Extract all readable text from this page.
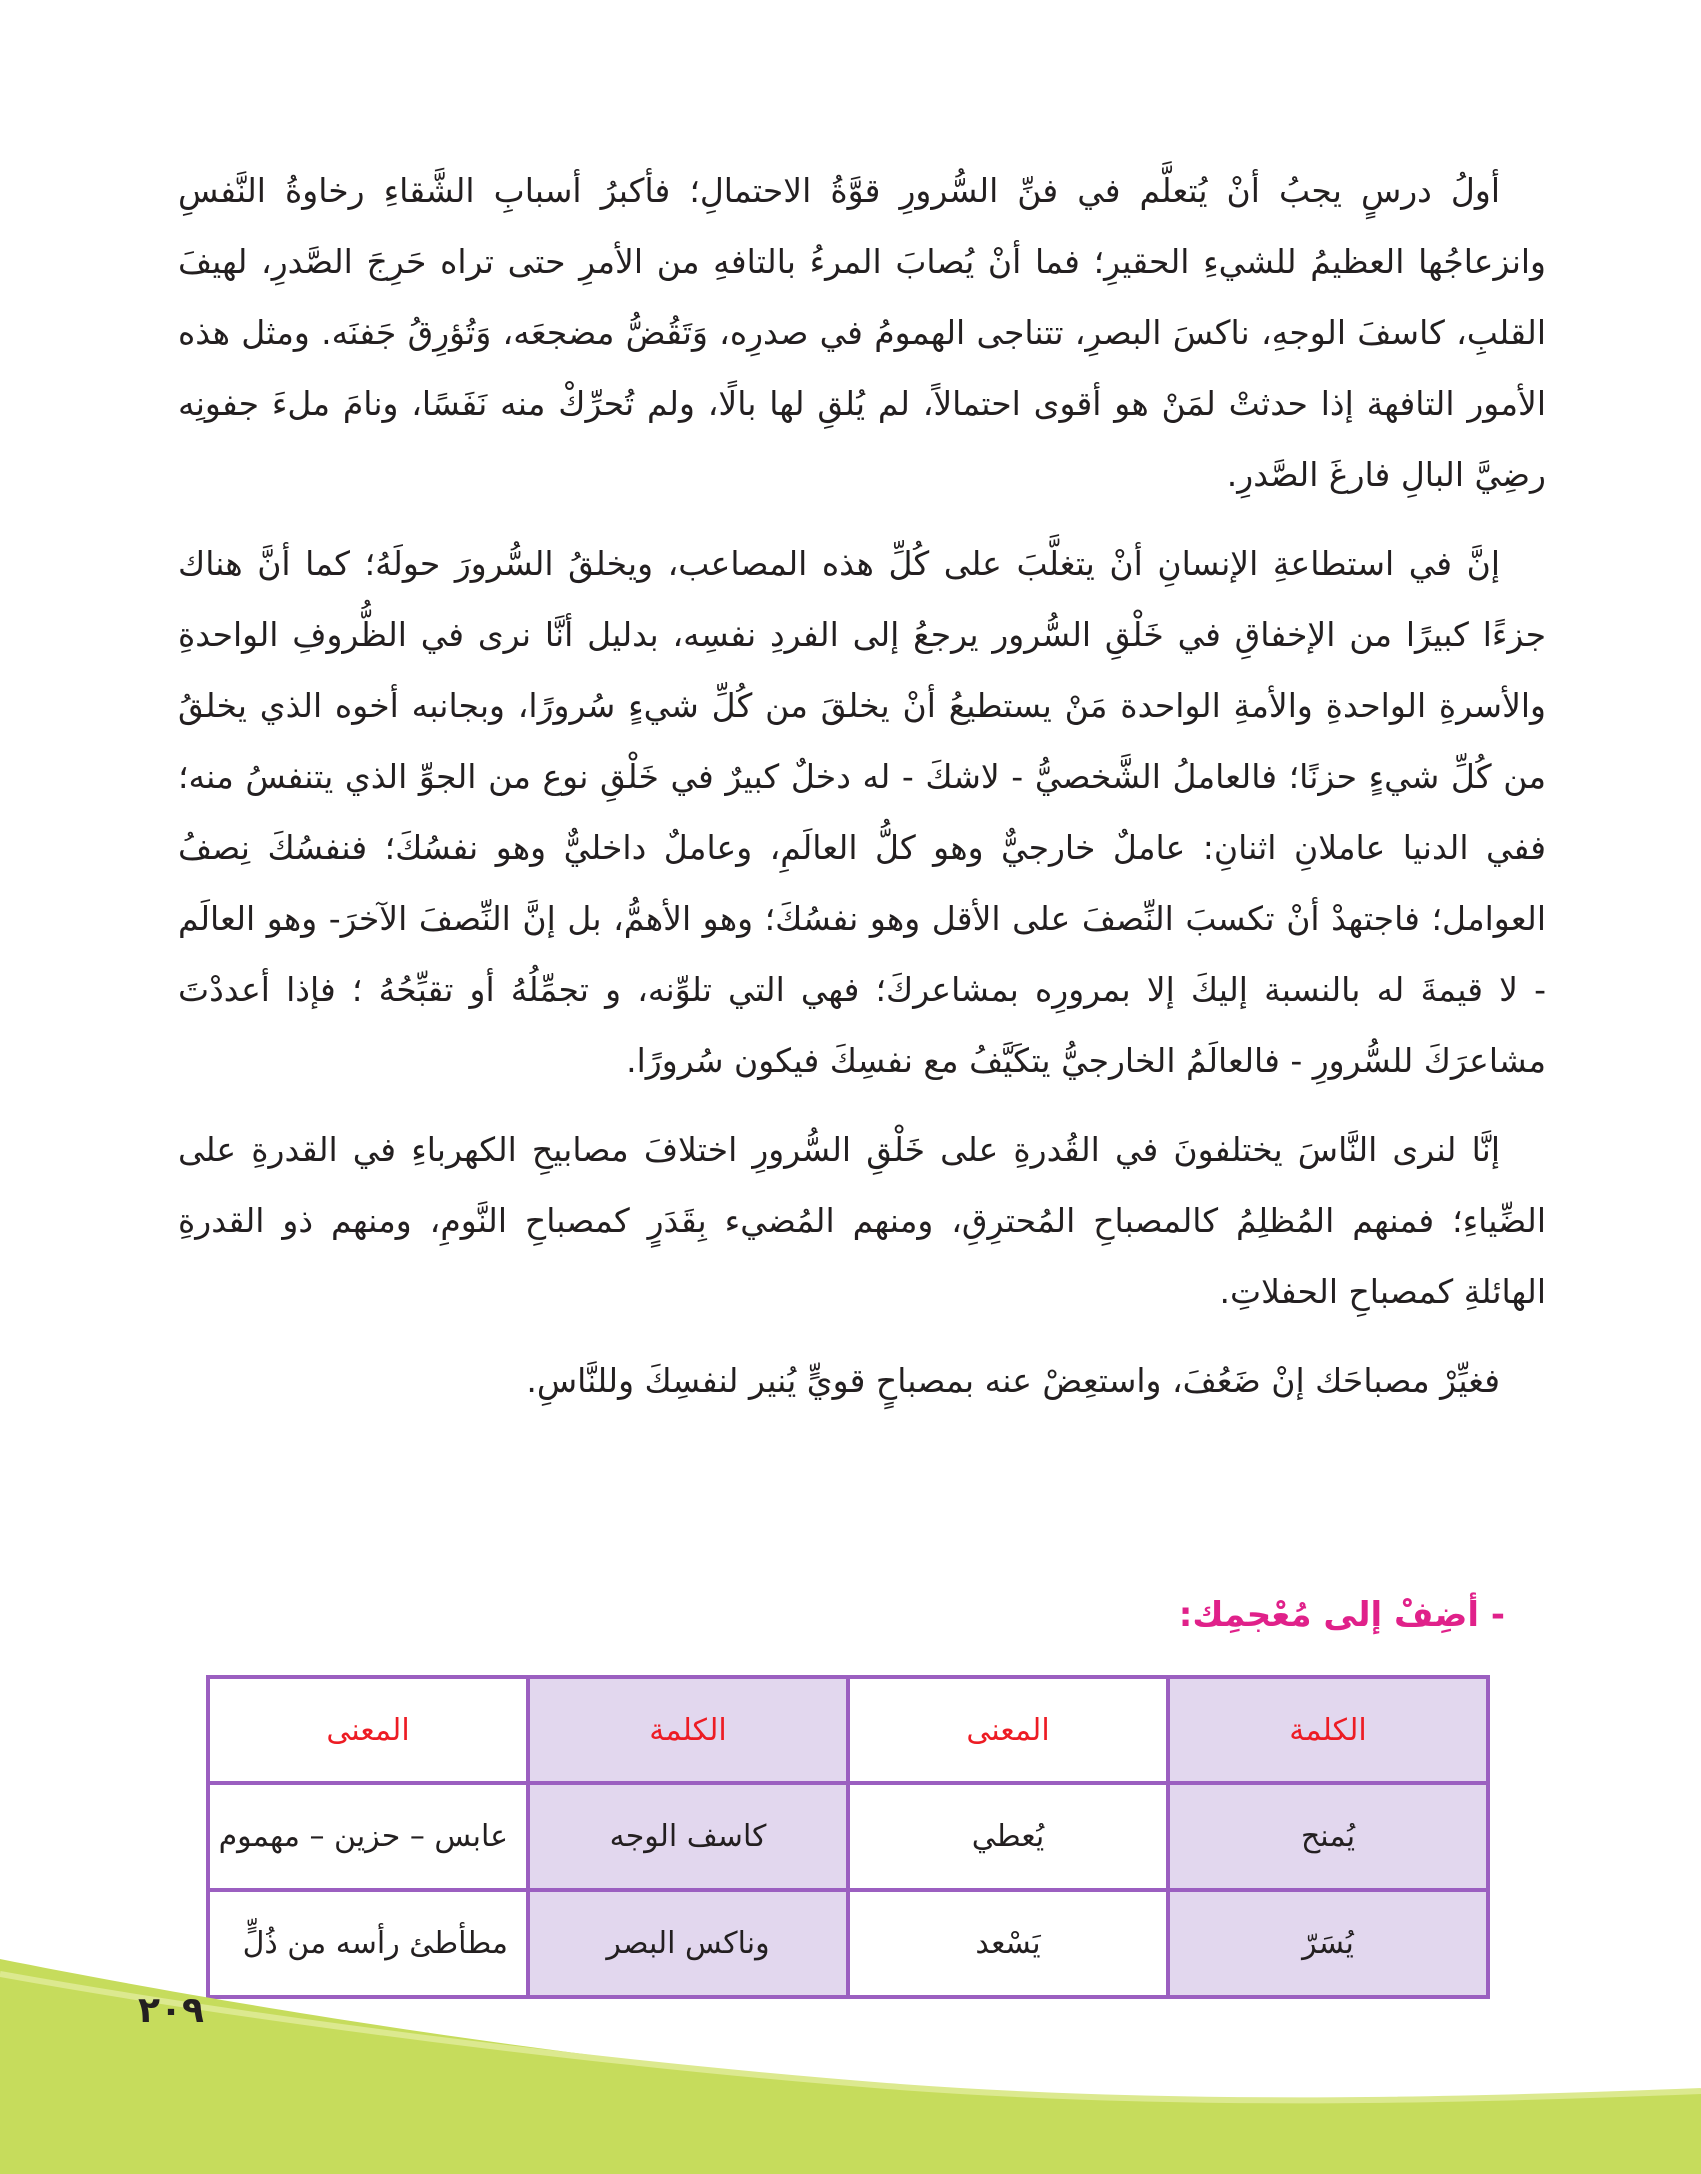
أولُ درسٍ يجبُ أنْ يُتعلَّم في فنِّ السُّرورِ قوَّةُ الاحتمالِ؛ فأكبرُ أسبابِ الشَّقاءِ رخاوةُ النَّفسِ وانزعاجُها العظيمُ للشيءِ الحقيرِ؛ فما أنْ يُصابَ المرءُ بالتافهِ من الأمرِ حتى تراه حَرِجَ الصَّدرِ، لهيفَ القلبِ، كاسفَ الوجهِ، ناكسَ البصرِ، تتناجى الهمومُ في صدرِه، وَتَقُضُّ مضجعَه، وَتُؤرِقُ جَفنَه. ومثل هذه الأمور التافهة إذا حدثتْ لمَنْ هو أقوى احتمالاً، لم يُلقِ لها بالًا، ولم تُحرِّكْ منه نَفَسًا، ونامَ ملءَ جفونِه رضِيَّ البالِ فارغَ الصَّدرِ.

إنَّ في استطاعةِ الإنسانِ أنْ يتغلَّبَ على كُلِّ هذه المصاعب، ويخلقُ السُّرورَ حولَهُ؛ كما أنَّ هناك جزءًا كبيرًا من الإخفاقِ في خَلْقِ السُّرور يرجعُ إلى الفردِ نفسِه، بدليل أنَّا نرى في الظُّروفِ الواحدةِ والأسرةِ الواحدةِ والأمةِ الواحدة مَنْ يستطيعُ أنْ يخلقَ من كُلِّ شيءٍ سُرورًا، وبجانبه أخوه الذي يخلقُ من كُلِّ شيءٍ حزنًا؛ فالعاملُ الشَّخصيُّ - لاشكَ - له دخلٌ كبيرٌ في خَلْقِ نوع من الجوِّ الذي يتنفسُ منه؛ ففي الدنيا عاملانِ اثنانِ: عاملٌ خارجيٌّ وهو كلُّ العالَمِ، وعاملٌ داخليٌّ وهو نفسُكَ؛ فنفسُكَ نِصفُ العوامل؛ فاجتهدْ أنْ تكسبَ النِّصفَ على الأقل وهو نفسُكَ؛ وهو الأهمُّ، بل إنَّ النِّصفَ الآخرَ- وهو العالَم - لا قيمةَ له بالنسبة إليكَ إلا بمرورِه بمشاعركَ؛ فهي التي تلوِّنه، و تجمِّلُهُ أو تقبِّحُهُ ؛ فإذا أعددْتَ مشاعرَكَ للسُّرورِ - فالعالَمُ الخارجيُّ يتكَيَّفُ مع نفسِكَ فيكون سُرورًا.

إنَّا لنرى النَّاسَ يختلفونَ في القُدرةِ على خَلْقِ السُّرورِ اختلافَ مصابيحِ الكهرباءِ في القدرةِ على الضِّياءِ؛ فمنهم المُظلِمُ كالمصباحِ المُحترِقِ، ومنهم المُضيء بِقَدَرٍ كمصباحِ النَّومِ، ومنهم ذو القدرةِ الهائلةِ كمصباحِ الحفلاتِ.

فغيِّرْ مصباحَك إنْ ضَعُفَ، واستعِضْ عنه بمصباحٍ قويٍّ يُنير لنفسِكَ وللنَّاسِ.

- أضِفْ إلى مُعْجمِك:
الكلمة	المعنى	الكلمة	المعنى
يُمنح	يُعطي	كاسف الوجه	عابس – حزين – مهموم
يُسَرّ	يَسْعد	وناكس البصر	مطأطئ رأسه من ذُلٍّ
٢٠٩
